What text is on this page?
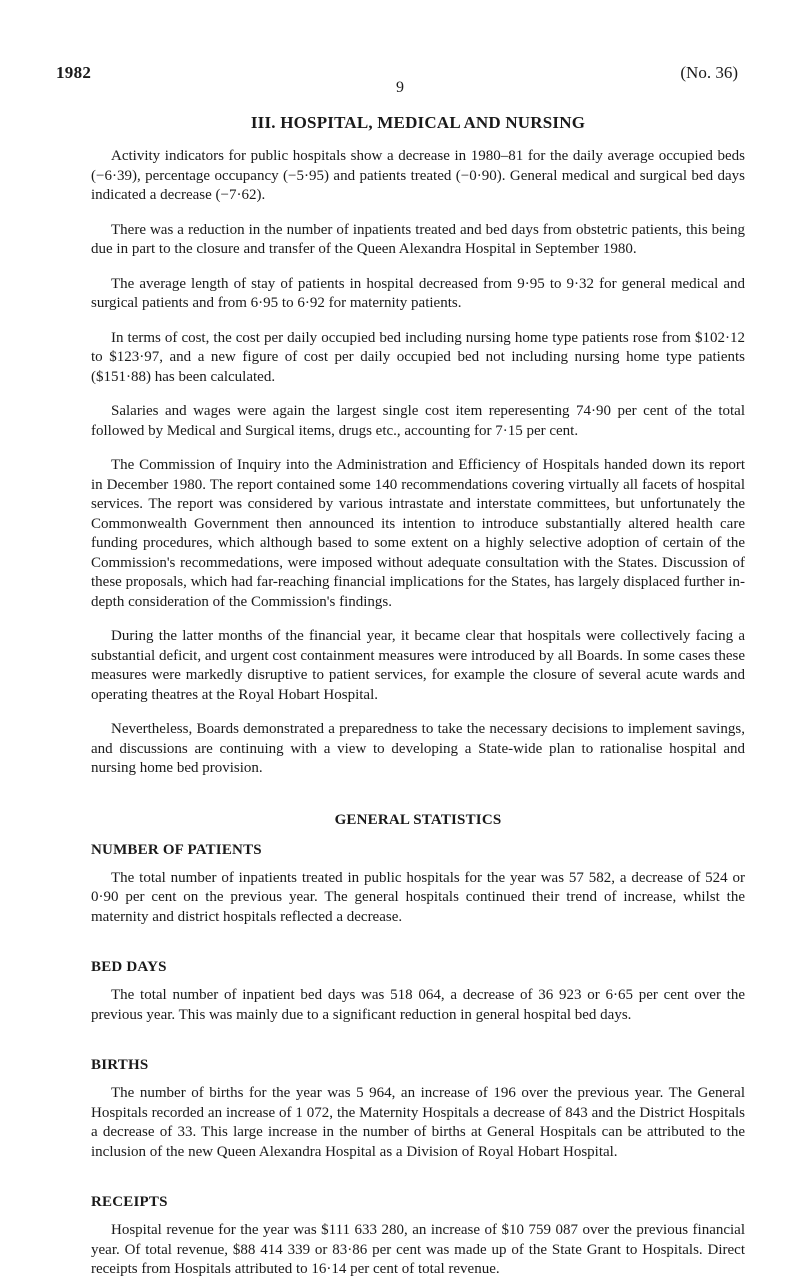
1982	(No. 36)
9
III. HOSPITAL, MEDICAL AND NURSING

Activity indicators for public hospitals show a decrease in 1980–81 for the daily average occupied beds (−6·39), percentage occupancy (−5·95) and patients treated (−0·90). General medical and surgical bed days indicated a decrease (−7·62).

There was a reduction in the number of inpatients treated and bed days from obstetric patients, this being due in part to the closure and transfer of the Queen Alexandra Hospital in September 1980.

The average length of stay of patients in hospital decreased from 9·95 to 9·32 for general medical and surgical patients and from 6·95 to 6·92 for maternity patients.

In terms of cost, the cost per daily occupied bed including nursing home type patients rose from $102·12 to $123·97, and a new figure of cost per daily occupied bed not including nursing home type patients ($151·88) has been calculated.

Salaries and wages were again the largest single cost item reperesenting 74·90 per cent of the total followed by Medical and Surgical items, drugs etc., accounting for 7·15 per cent.

The Commission of Inquiry into the Administration and Efficiency of Hospitals handed down its report in December 1980. The report contained some 140 recommendations covering virtually all facets of hospital services. The report was considered by various intrastate and interstate committees, but unfortunately the Commonwealth Government then announced its intention to introduce substantially altered health care funding procedures, which although based to some extent on a highly selective adoption of certain of the Commission's recommedations, were imposed without adequate consultation with the States. Discussion of these proposals, which had far-reaching financial implications for the States, has largely displaced further in-depth consideration of the Commission's findings.

During the latter months of the financial year, it became clear that hospitals were collectively facing a substantial deficit, and urgent cost containment measures were introduced by all Boards. In some cases these measures were markedly disruptive to patient services, for example the closure of several acute wards and operating theatres at the Royal Hobart Hospital.

Nevertheless, Boards demonstrated a preparedness to take the necessary decisions to implement savings, and discussions are continuing with a view to developing a State-wide plan to rationalise hospital and nursing home bed provision.

GENERAL STATISTICS
NUMBER OF PATIENTS

The total number of inpatients treated in public hospitals for the year was 57 582, a decrease of 524 or 0·90 per cent on the previous year. The general hospitals continued their trend of increase, whilst the maternity and district hospitals reflected a decrease.

BED DAYS

The total number of inpatient bed days was 518 064, a decrease of 36 923 or 6·65 per cent over the previous year. This was mainly due to a significant reduction in general hospital bed days.

BIRTHS

The number of births for the year was 5 964, an increase of 196 over the previous year. The General Hospitals recorded an increase of 1 072, the Maternity Hospitals a decrease of 843 and the District Hospitals a decrease of 33. This large increase in the number of births at General Hospitals can be attributed to the inclusion of the new Queen Alexandra Hospital as a Division of Royal Hobart Hospital.

RECEIPTS

Hospital revenue for the year was $111 633 280, an increase of $10 759 087 over the previous financial year. Of total revenue, $88 414 339 or 83·86 per cent was made up of the State Grant to Hospitals. Direct receipts from Hospitals attributed to 16·14 per cent of total revenue.
